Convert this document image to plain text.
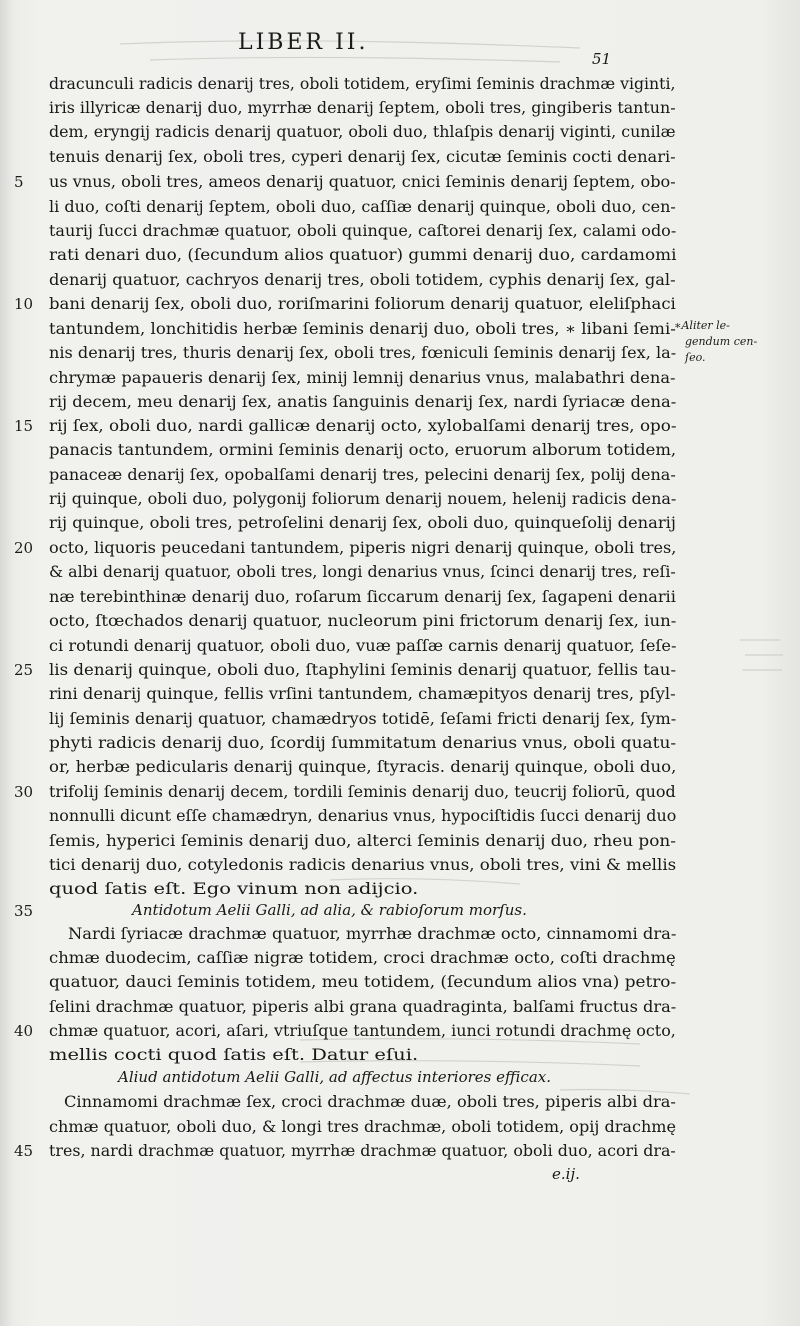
LIBER II.
51
dracunculi radicis denarij tres, oboli totidem, eryſimi ſeminis drachmæ viginti,
iris illyricæ denarij duo, myrrhæ denarij ſeptem, oboli tres, gingiberis tantun-
dem, eryngij radicis denarij quatuor, oboli duo, thlaſpis denarij viginti, cunilæ
tenuis denarij ſex, oboli tres, cyperi denarij ſex, cicutæ ſeminis cocti denari-
us vnus, oboli tres, ameos denarij quatuor, cnici ſeminis denarij ſeptem, obo-
li duo, coſti denarij ſeptem, oboli duo, caſſiæ denarij quinque, oboli duo, cen-
taurij ſucci drachmæ quatuor, oboli quinque, caſtorei denarij ſex, calami odo-
rati denari duo, (ſecundum alios quatuor) gummi denarij duo, cardamomi
denarij quatuor, cachryos denarij tres, oboli totidem, cyphis denarij ſex, gal-
bani denarij ſex, oboli duo, roriſmarini foliorum denarij quatuor, eleliſphaci
tantundem, lonchitidis herbæ ſeminis denarij duo, oboli tres, ∗ libani ſemi-
nis denarij tres, thuris denarij ſex, oboli tres, fœniculi ſeminis denarij ſex, la-
chrymæ papaueris denarij ſex, minij lemnij denarius vnus, malabathri dena-
rij decem, meu denarij ſex, anatis ſanguinis denarij ſex, nardi ſyriacæ dena-
rij ſex, oboli duo, nardi gallicæ denarij octo, xylobalſami denarij tres, opo-
panacis tantundem, ormini ſeminis denarij octo, eruorum alborum totidem,
panaceæ denarij ſex, opobalſami denarij tres, pelecini denarij ſex, polij dena-
rij quinque, oboli duo, polygonij foliorum denarij nouem, helenij radicis dena-
rij quinque, oboli tres, petroſelini denarij ſex, oboli duo, quinqueſolij denarij
octo, liquoris peucedani tantundem, piperis nigri denarij quinque, oboli tres,
& albi denarij quatuor, oboli tres, longi denarius vnus, ſcinci denarij tres, reſi-
næ terebinthinæ denarij duo, roſarum ſiccarum denarij ſex, ſagapeni denarii
octo, ſtœchados denarij quatuor, nucleorum pini frictorum denarij ſex, iun-
ci rotundi denarij quatuor, oboli duo, vuæ paſſæ carnis denarij quatuor, ſeſe-
lis denarij quinque, oboli duo, ſtaphylini ſeminis denarij quatuor, fellis tau-
rini denarij quinque, fellis vrſini tantundem, chamæpityos denarij tres, pſyl-
lij ſeminis denarij quatuor, chamædryos totidē, ſeſami fricti denarij ſex, ſym-
phyti radicis denarij duo, ſcordij ſummitatum denarius vnus, oboli quatu-
or, herbæ pedicularis denarij quinque, ſtyracis. denarij quinque, oboli duo,
trifolij ſeminis denarij decem, tordili ſeminis denarij duo, teucrij foliorū, quod
nonnulli dicunt eſſe chamædryn, denarius vnus, hypociſtidis ſucci denarij duo
ſemis, hyperici ſeminis denarij duo, alterci ſeminis denarij duo, rheu pon-
tici denarij duo, cotyledonis radicis denarius vnus, oboli tres, vini & mellis
quod ſatis eſt. Ego vinum non adijcio.
Antidotum Aelii Galli, ad alia, & rabioſorum morſus.
Nardi ſyriacæ drachmæ quatuor, myrrhæ drachmæ octo, cinnamomi dra-
chmæ duodecim, caſſiæ nigræ totidem, croci drachmæ octo, coſti drachmę
quatuor, dauci ſeminis totidem, meu totidem, (ſecundum alios vna) petro-
ſelini drachmæ quatuor, piperis albi grana quadraginta, balſami fructus dra-
chmæ quatuor, acori, aſari, vtriuſque tantundem, iunci rotundi drachmę octo,
mellis cocti quod ſatis eſt. Datur eſui.
Aliud antidotum Aelii Galli, ad affectus interiores efficax.
Cinnamomi drachmæ ſex, croci drachmæ duæ, oboli tres, piperis albi dra-
chmæ quatuor, oboli duo, & longi tres drachmæ, oboli totidem, opij drachmę
tres, nardi drachmæ quatuor, myrrhæ drachmæ quatuor, oboli duo, acori dra-
5
10
15
20
25
30
35
40
45
∗Aliter le-
gendum cen-
ſeo.
e.ij.
